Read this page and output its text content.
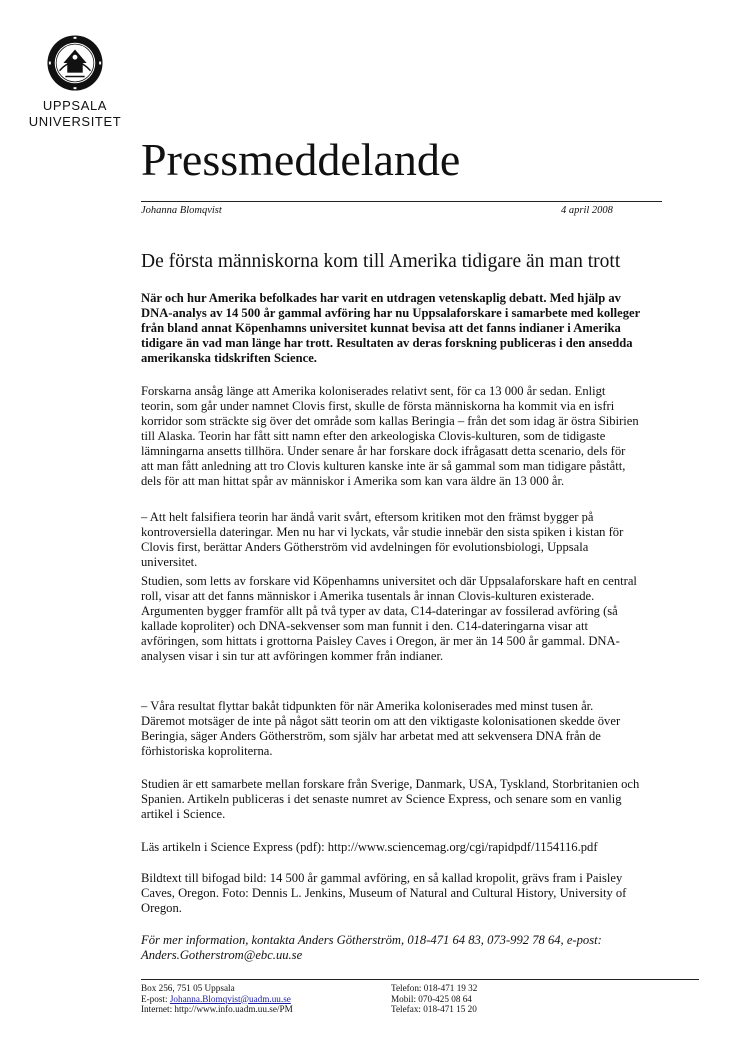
UPPSALA
UNIVERSITET
Pressmeddelande
Johanna Blomqvist	4 april 2008
De första människorna kom till Amerika tidigare än man trott
När och hur Amerika befolkades har varit en utdragen vetenskaplig debatt. Med hjälp av
DNA-analys av 14 500 år gammal avföring har nu Uppsalaforskare i samarbete med kolleger
från bland annat Köpenhamns universitet kunnat bevisa att det fanns indianer i Amerika
tidigare än vad man länge har trott. Resultaten av deras forskning publiceras i den ansedda
amerikanska tidskriften Science.
Forskarna ansåg länge att Amerika koloniserades relativt sent, för ca 13 000 år sedan. Enligt
teorin, som går under namnet Clovis first, skulle de första människorna ha kommit via en isfri
korridor som sträckte sig över det område som kallas Beringia – från det som idag är östra Sibirien
till Alaska. Teorin har fått sitt namn efter den arkeologiska Clovis-kulturen, som de tidigaste
lämningarna ansetts tillhöra. Under senare år har forskare dock ifrågasatt detta scenario, dels för
att man fått anledning att tro Clovis kulturen kanske inte är så gammal som man tidigare påstått,
dels för att man hittat spår av människor i Amerika som kan vara äldre än 13 000 år.
– Att helt falsifiera teorin har ändå varit svårt, eftersom kritiken mot den främst bygger på
kontroversiella dateringar. Men nu har vi lyckats, vår studie innebär den sista spiken i kistan för
Clovis first, berättar Anders Götherström vid avdelningen för evolutionsbiologi, Uppsala
universitet.
Studien, som letts av forskare vid Köpenhamns universitet och där Uppsalaforskare haft en central
roll, visar att det fanns människor i Amerika tusentals år innan Clovis-kulturen existerade.
Argumenten bygger framför allt på två typer av data, C14-dateringar av fossilerad avföring (så
kallade koproliter) och DNA-sekvenser som man funnit i den. C14-dateringarna visar att
avföringen, som hittats i grottorna Paisley Caves i Oregon, är mer än 14 500 år gammal. DNA-
analysen visar i sin tur att avföringen kommer från indianer.
– Våra resultat flyttar bakåt tidpunkten för när Amerika koloniserades med minst tusen år.
Däremot motsäger de inte på något sätt teorin om att den viktigaste kolonisationen skedde över
Beringia, säger Anders Götherström, som själv har arbetat med att sekvensera DNA från de
förhistoriska koproliterna.
Studien är ett samarbete mellan forskare från Sverige, Danmark, USA, Tyskland, Storbritanien och
Spanien. Artikeln publiceras i det senaste numret av Science Express, och senare som en vanlig
artikel i Science.
Läs artikeln i Science Express (pdf): http://www.sciencemag.org/cgi/rapidpdf/1154116.pdf
Bildtext till bifogad bild: 14 500 år gammal avföring, en så kallad kropolit, grävs fram i Paisley
Caves, Oregon. Foto: Dennis L. Jenkins, Museum of Natural and Cultural History, University of
Oregon.
För mer information, kontakta Anders Götherström, 018-471 64 83, 073-992 78 64, e-post:
Anders.Gotherstrom@ebc.uu.se
Box 256, 751 05 Uppsala
E-post: Johanna.Blomqvist@uadm.uu.se
Internet: http://www.info.uadm.uu.se/PM
Telefon: 018-471 19 32
Mobil: 070-425 08 64
Telefax: 018-471 15 20
